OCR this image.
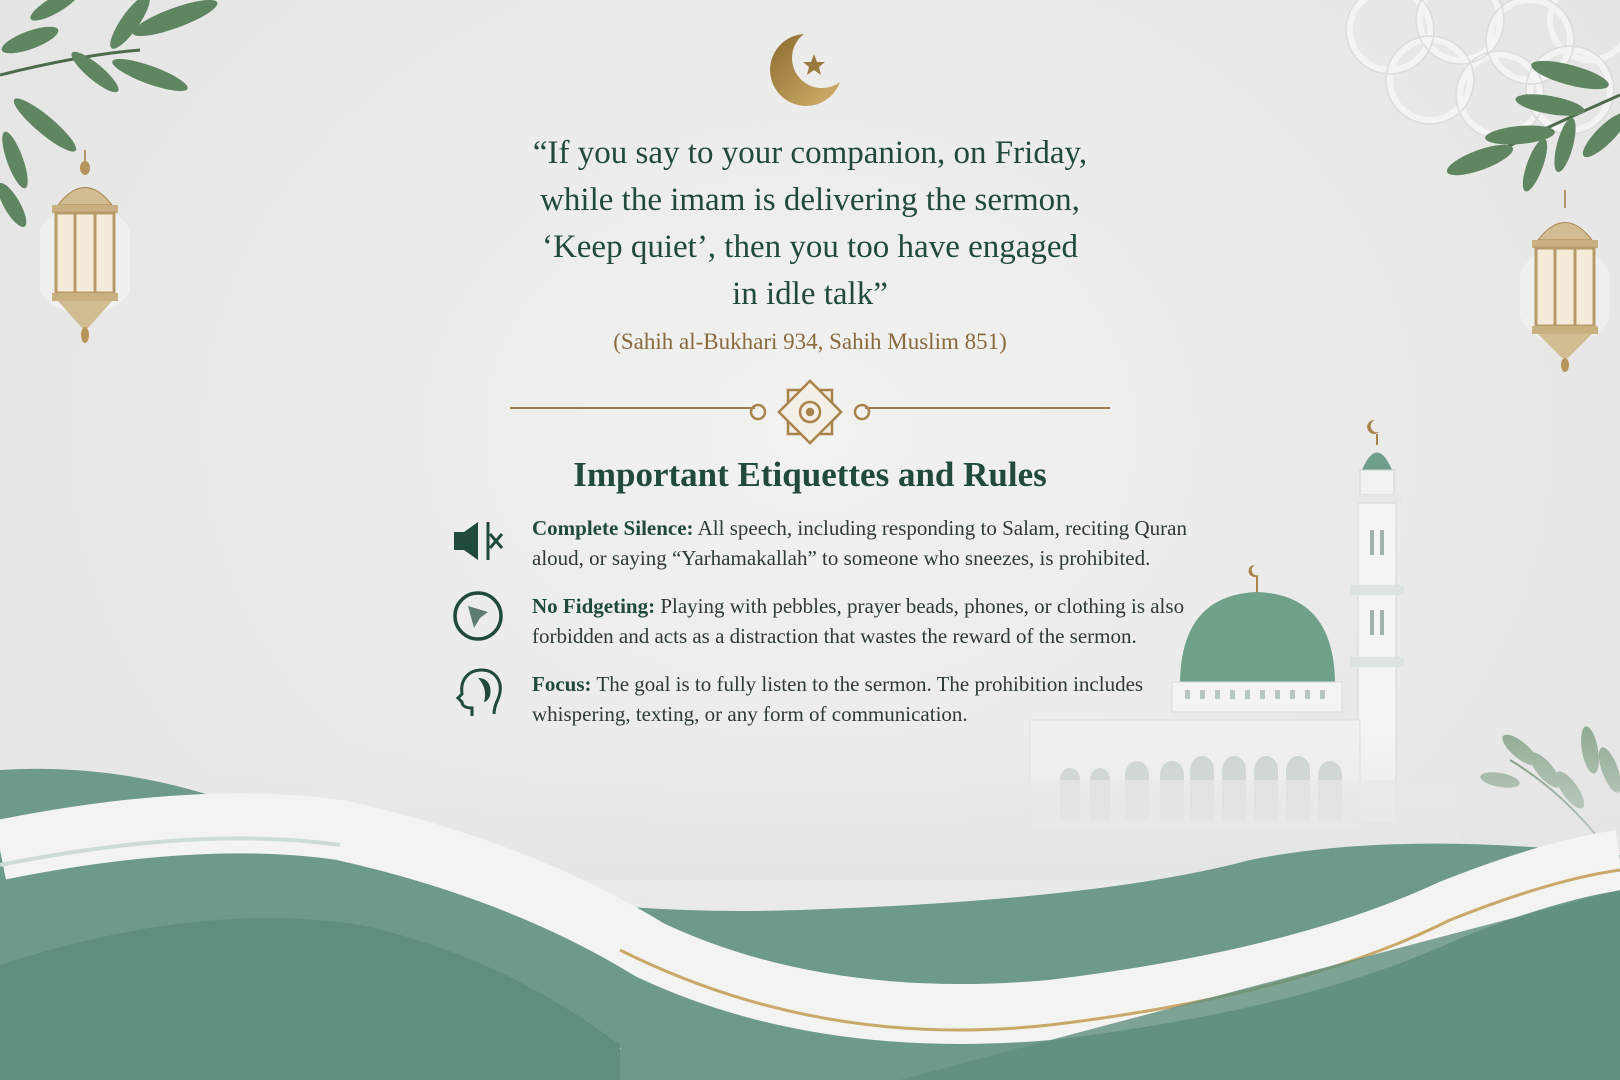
“If you say to your companion, on Friday,
while the imam is delivering the sermon,
‘Keep quiet’, then you too have engaged
in idle talk”

(Sahih al-Bukhari 934, Sahih Muslim 851)

Important Etiquettes and Rules
Complete Silence: All speech, including responding to Salam, reciting Quran aloud, or saying “Yarhamakallah” to someone who sneezes, is prohibited.
No Fidgeting: Playing with pebbles, prayer beads, phones, or clothing is also forbidden and acts as a distraction that wastes the reward of the sermon.
Focus: The goal is to fully listen to the sermon. The prohibition includes whispering, texting, or any form of communication.
